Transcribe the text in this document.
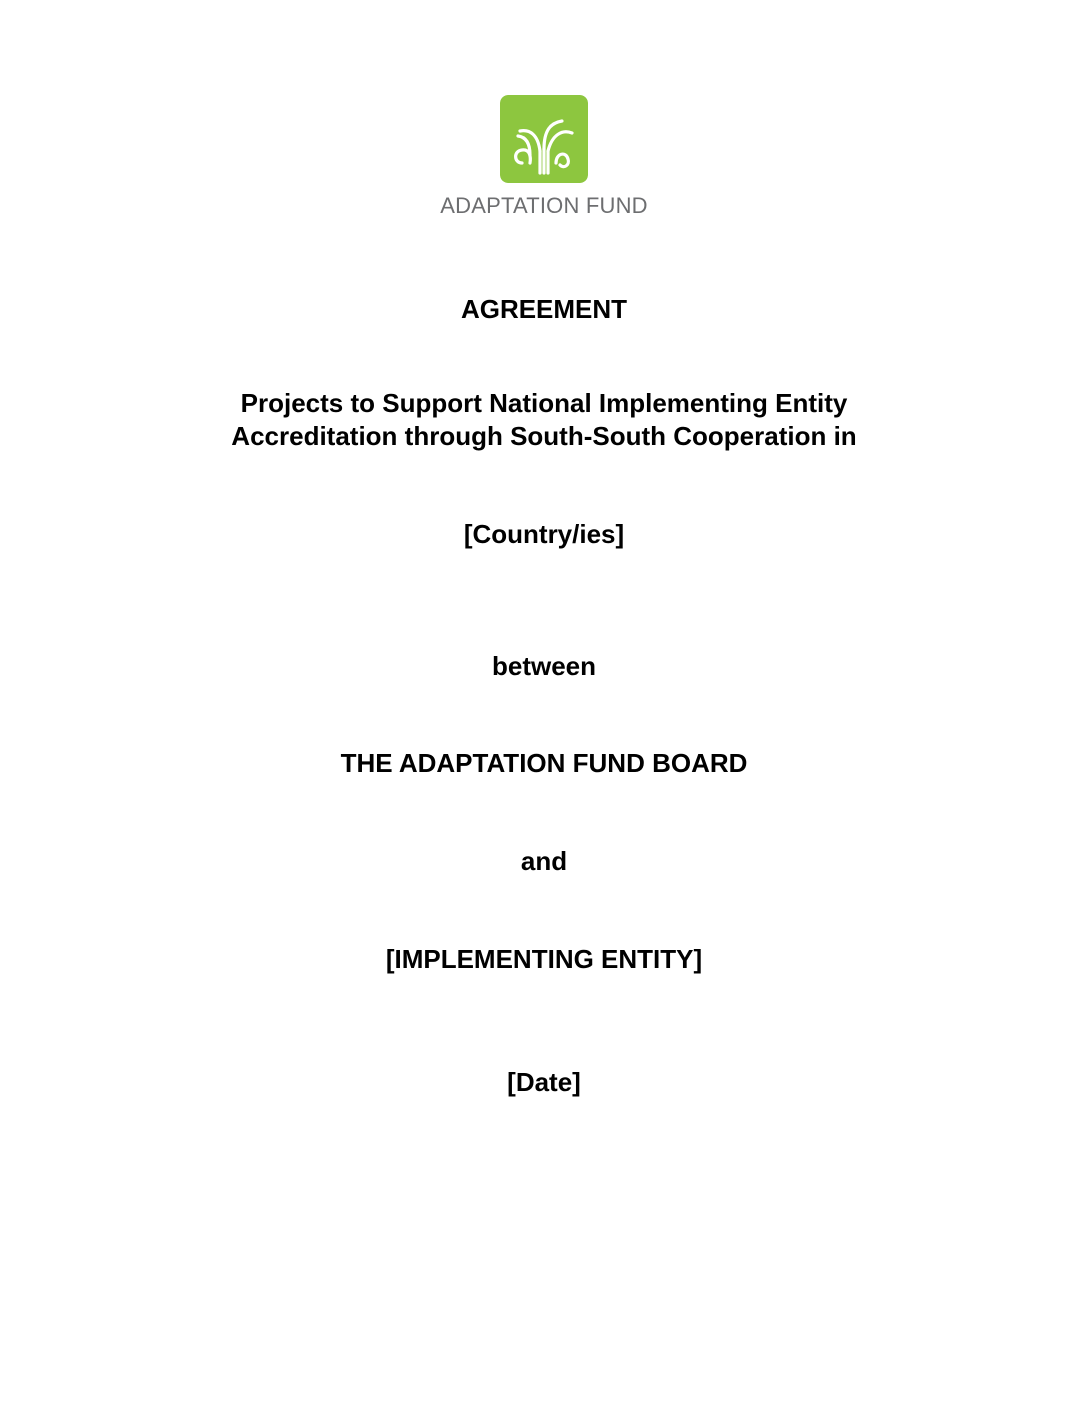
ADAPTATION FUND
AGREEMENT
Projects to Support National Implementing Entity
Accreditation through South-South Cooperation in
[Country/ies]
between
THE ADAPTATION FUND BOARD
and
[IMPLEMENTING ENTITY]
[Date]
